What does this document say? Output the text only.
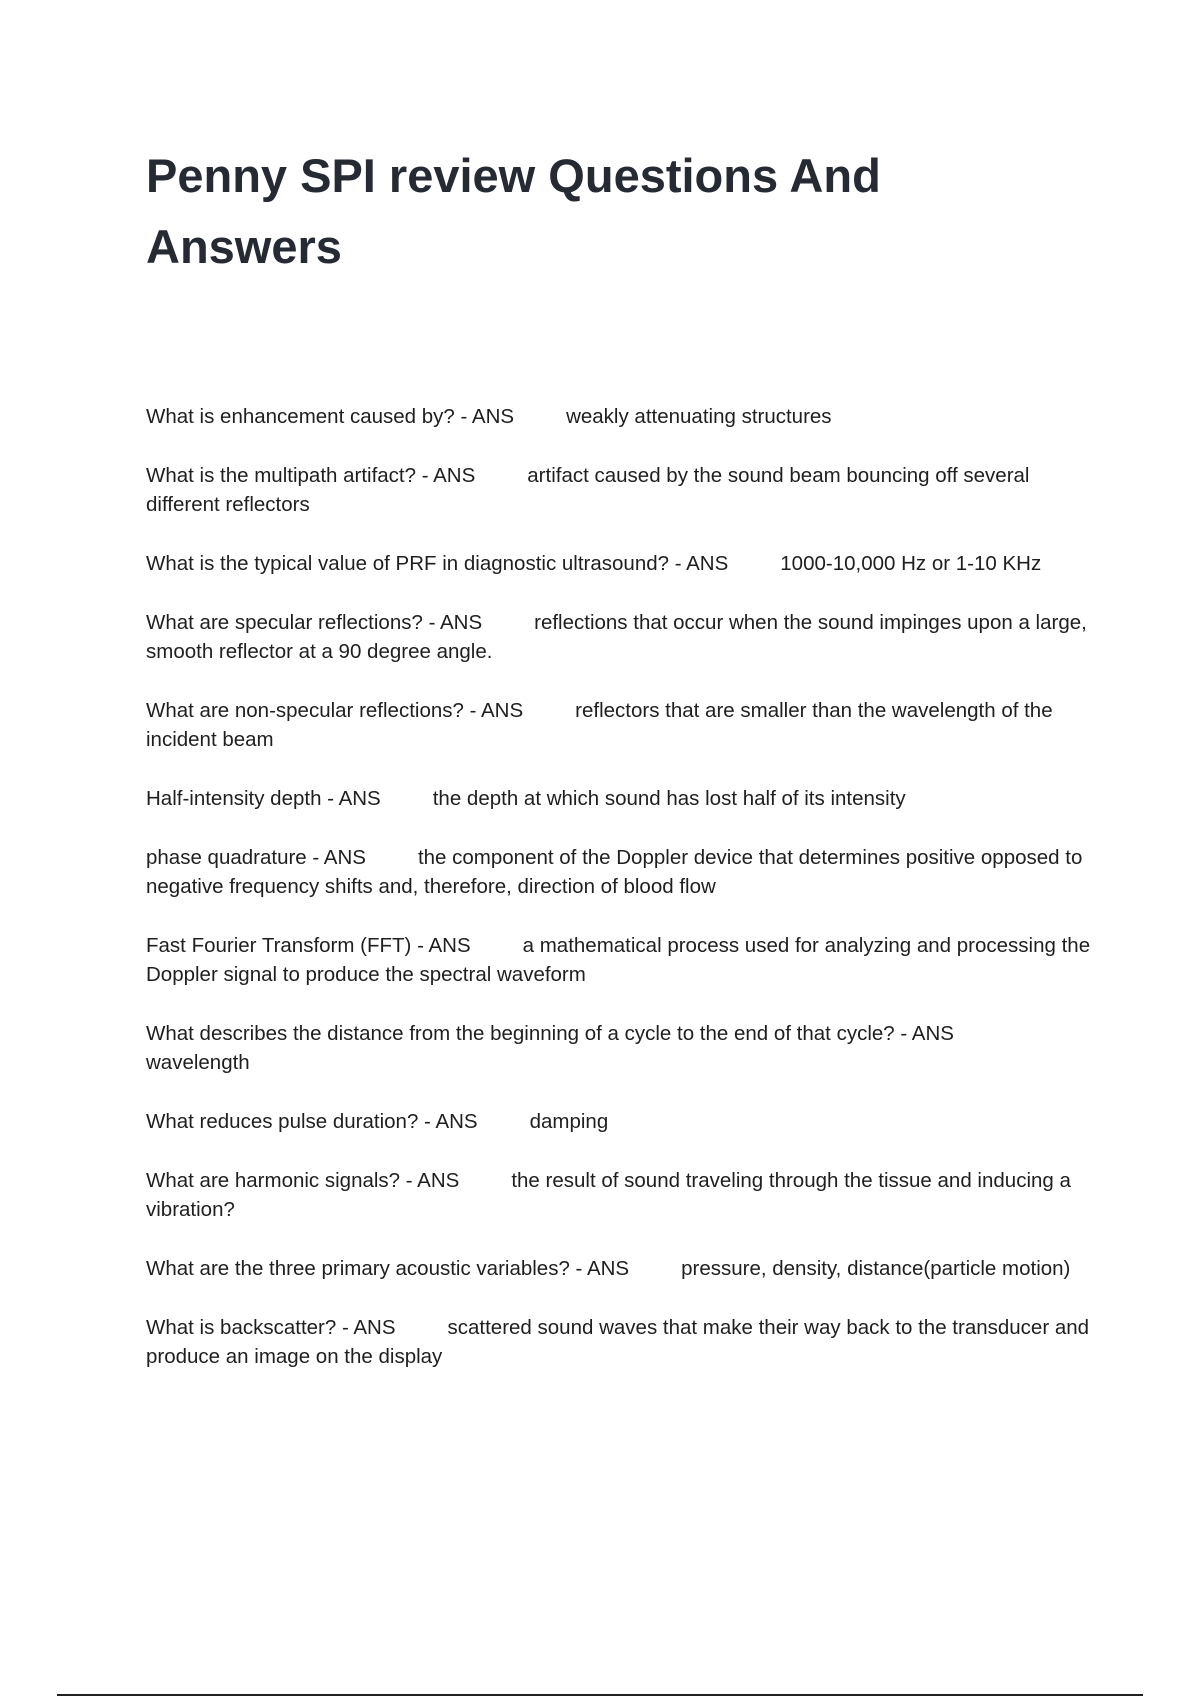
Penny SPI review Questions And Answers
What is enhancement caused by? - ANS	weakly attenuating structures
What is the multipath artifact? - ANS	artifact caused by the sound beam bouncing off several different reflectors
What is the typical value of PRF in diagnostic ultrasound? - ANS	1000-10,000 Hz or 1-10 KHz
What are specular reflections? - ANS	reflections that occur when the sound impinges upon a large, smooth reflector at a 90 degree angle.
What are non-specular reflections? - ANS	reflectors that are smaller than the wavelength of the incident beam
Half-intensity depth - ANS	the depth at which sound has lost half of its intensity
phase quadrature - ANS	the component of the Doppler device that determines positive opposed to negative frequency shifts and, therefore, direction of blood flow
Fast Fourier Transform (FFT) - ANS	a mathematical process used for analyzing and processing the Doppler signal to produce the spectral waveform
What describes the distance from the beginning of a cycle to the end of that cycle? - ANS
wavelength
What reduces pulse duration? - ANS	damping
What are harmonic signals? - ANS	the result of sound traveling through the tissue and inducing a vibration?
What are the three primary acoustic variables? - ANS	pressure, density, distance(particle motion)
What is backscatter? - ANS	scattered sound waves that make their way back to the transducer and produce an image on the display
